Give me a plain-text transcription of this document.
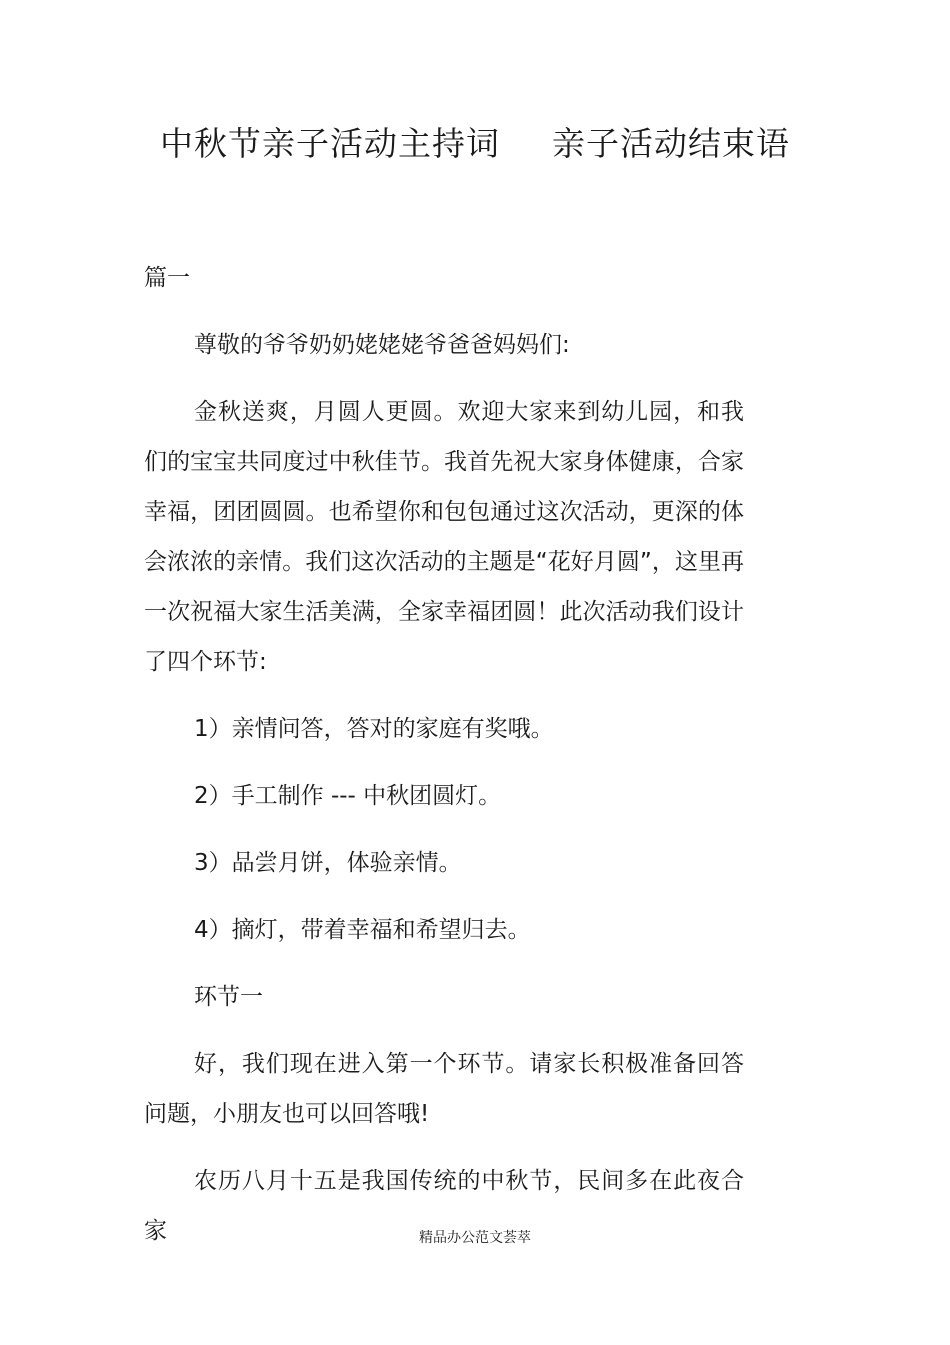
中秋节亲子活动主持词 亲子活动结束语

篇一

尊敬的爷爷奶奶姥姥姥爷爸爸妈妈们:

金秋送爽，月圆人更圆。欢迎大家来到幼儿园，和我们的宝宝共同度过中秋佳节。我首先祝大家身体健康，合家幸福，团团圆圆。也希望你和包包通过这次活动，更深的体会浓浓的亲情。我们这次活动的主题是“花好月圆”，这里再一次祝福大家生活美满，全家幸福团圆！此次活动我们设计了四个环节:

1）亲情问答，答对的家庭有奖哦。

2）手工制作 --- 中秋团圆灯。

3）品尝月饼，体验亲情。

4）摘灯，带着幸福和希望归去。

环节一

好，我们现在进入第一个环节。请家长积极准备回答问题，小朋友也可以回答哦!

农历八月十五是我国传统的中秋节，民间多在此夜合家	精品办公范文荟萃
